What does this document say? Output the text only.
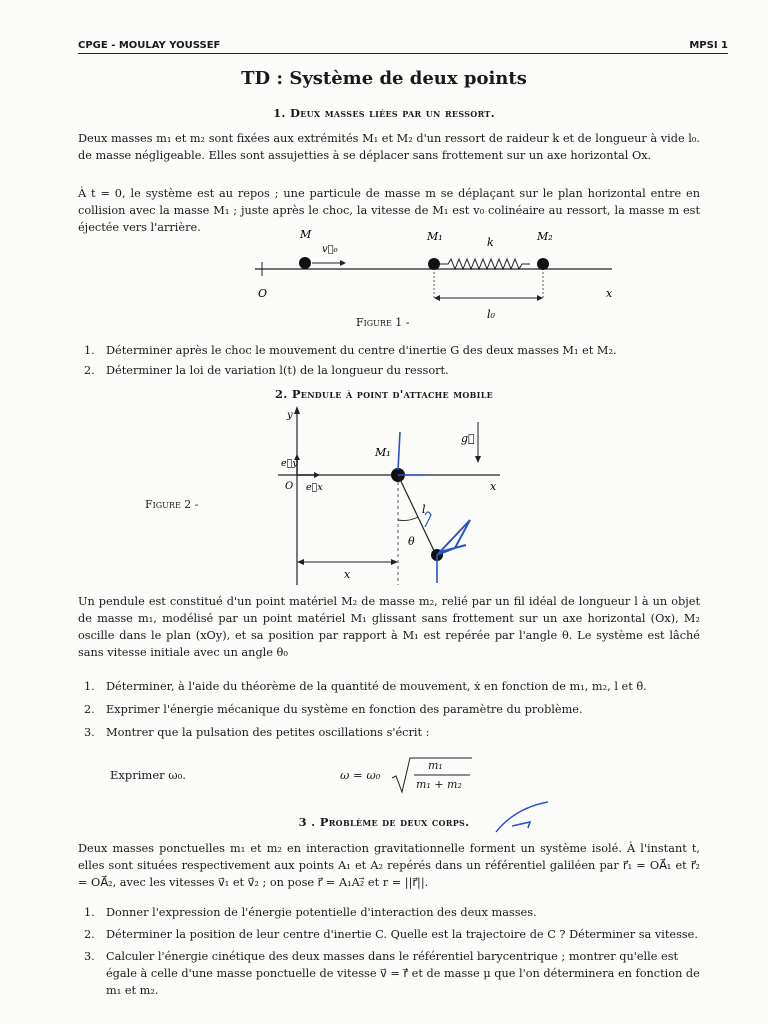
CPGE - MOULAY YOUSSEF	MPSI 1
TD : Système de deux points
1. Deux masses liées par un ressort.
Deux masses m₁ et m₂ sont fixées aux extrémités M₁ et M₂ d'un ressort de raideur k et de longueur à vide l₀. de masse négligeable. Elles sont assujetties à se déplacer sans frottement sur un axe horizontal Ox.
À t = 0, le système est au repos ; une particule de masse m se déplaçant sur le plan horizontal entre en collision avec la masse M₁ ; juste après le choc, la vitesse de M₁ est v₀ colinéaire au ressort, la masse m est éjectée vers l'arrière.
M
v⃗₀
M₁	k	M₂
O	x
l₀
Figure 1 -
1. Déterminer après le choc le mouvement du centre d'inertie G des deux masses M₁ et M₂.
2. Déterminer la loi de variation l(t) de la longueur du ressort.
2. Pendule à point d'attache mobile
y
e⃗y
O e⃗x
M₁
g⃗
x
l
θ
x
Figure 2 -
Un pendule est constitué d'un point matériel M₂ de masse m₂, relié par un fil idéal de longueur l à un objet de masse m₁, modélisé par un point matériel M₁ glissant sans frottement sur un axe horizontal (Ox), M₂ oscille dans le plan (xOy), et sa position par rapport à M₁ est repérée par l'angle θ. Le système est lâché sans vitesse initiale avec un angle θ₀
1. Déterminer, à l'aide du théorème de la quantité de mouvement, ẋ en fonction de m₁, m₂, l et θ̇.
2. Exprimer l'énergie mécanique du système en fonction des paramètre du problème.
3. Montrer que la pulsation des petites oscillations s'écrit :
Exprimer ω₀.	ω = ω₀
m₁
m₁ + m₂
3 . Problème de deux corps.
Deux masses ponctuelles m₁ et m₂ en interaction gravitationnelle forment un système isolé. À l'instant t, elles sont situées respectivement aux points A₁ et A₂ repérés dans un référentiel galiléen par r⃗₁ = OA⃗₁ et r⃗₂ = OA⃗₂, avec les vitesses v⃗₁ et v⃗₂ ; on pose r⃗ = A₁A₂⃗ et r = ||r⃗||.
1. Donner l'expression de l'énergie potentielle d'interaction des deux masses.
2. Déterminer la position de leur centre d'inertie C. Quelle est la trajectoire de C ? Déterminer sa vitesse.
3. Calculer l'énergie cinétique des deux masses dans le référentiel barycentrique ; montrer qu'elle est égale à celle d'une masse ponctuelle de vitesse v⃗ = ṙ⃗ et de masse μ que l'on déterminera en fonction de m₁ et m₂.
